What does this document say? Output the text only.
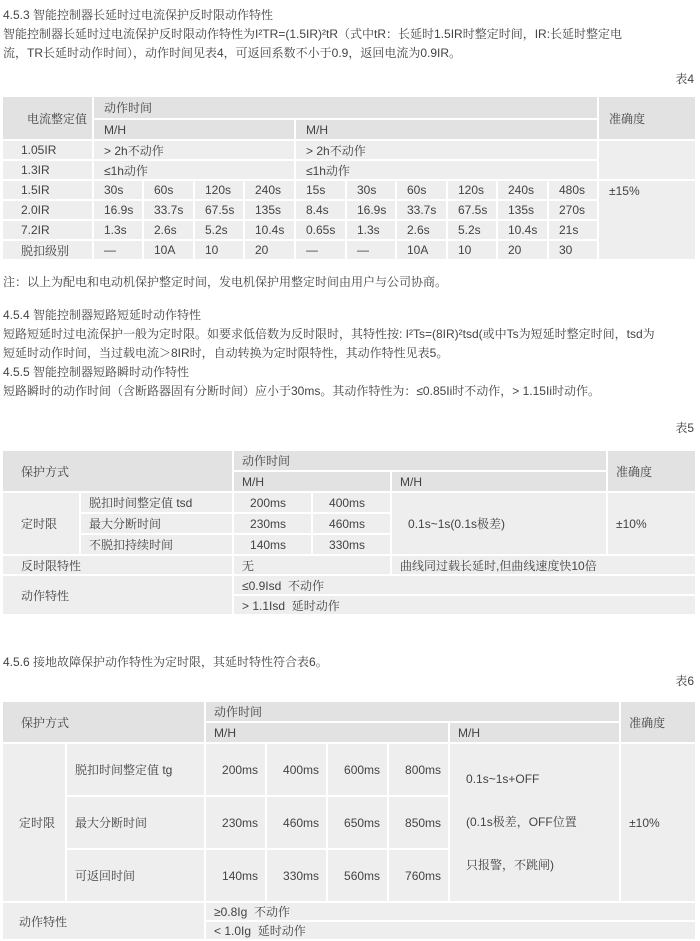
4.5.3 智能控制器长延时过电流保护反时限动作特性
智能控制器长延时过电流保护反时限动作特性为I²TR=(1.5IR)²tR（式中tR：长延时1.5IR时整定时间，IR:长延时整定电
流，TR长延时动作时间），动作时间见表4，可返回系数不小于0.9，返回电流为0.9IR。
表4
电流整定值	动作时间										准确度
	M/H				M/H						
1.05IR	> 2h不动作				> 2h不动作						
1.3IR	≤1h动作				≤1h动作						
1.5IR	30s	60s	120s	240s	15s	30s	60s	120s	240s	480s	±15%
2.0IR	16.9s	33.7s	67.5s	135s	8.4s	16.9s	33.7s	67.5s	135s	270s	
7.2IR	1.3s	2.6s	5.2s	10.4s	0.65s	1.3s	2.6s	5.2s	10.4s	21s	
脱扣级别	—	10A	10	20	—	—	10A	10	20	30	
注：以上为配电和电动机保护整定时间，发电机保护用整定时间由用户与公司协商。
4.5.4 智能控制器短路短延时动作特性
短路短延时过电流保护一般为定时限。如要求低倍数为反时限时，其特性按: I²Ts=(8IR)²tsd(或中Ts为短延时整定时间，tsd为
短延时动作时间，当过载电流＞8IR时，自动转换为定时限特性，其动作特性见表5。
4.5.5 智能控制器短路瞬时动作特性
短路瞬时的动作时间（含断路器固有分断时间）应小于30ms。其动作特性为：≤0.85Ii时不动作，> 1.15Ii时动作。
表5
保护方式		动作时间			准确度
		M/H		M/H	
定时限	脱扣时间整定值 tsd	200ms	400ms	0.1s~1s(0.1s极差)	±10%
	最大分断时间	230ms	460ms		
	不脱扣持续时间	140ms	330ms		
反时限特性		无		曲线同过载长延时,但曲线速度快10倍	
动作特性		≤0.9Isd  不动作			
		> 1.1Isd  延时动作			
4.5.6 接地故障保护动作特性为定时限，其延时特性符合表6。
表6
保护方式		动作时间					准确度
		M/H				M/H	
定时限	脱扣时间整定值 tg	200ms	400ms	600ms	800ms	0.1s~1s+OFF

(0.1s极差，OFF位置

只报警，不跳闸)	±10%
	最大分断时间	230ms	460ms	650ms	850ms		
	可返回时间	140ms	330ms	560ms	760ms		
动作特性		≥0.8Ig  不动作					
		< 1.0Ig  延时动作					
